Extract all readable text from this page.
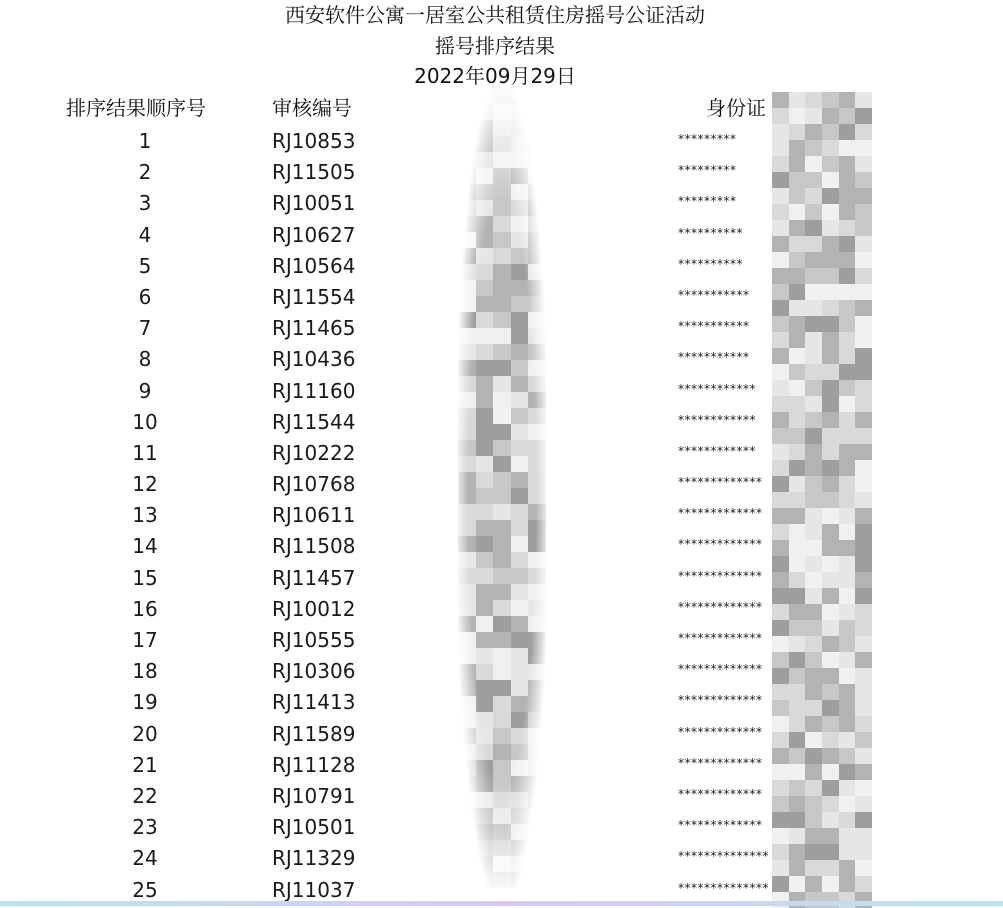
西安软件公寓一居室公共租赁住房摇号公证活动
摇号排序结果
2022年09月29日
排序结果顺序号	审核编号	身份证
1	RJ10853	*********
2	RJ11505	*********
3	RJ10051	*********
4	RJ10627	**********
5	RJ10564	**********
6	RJ11554	***********
7	RJ11465	***********
8	RJ10436	***********
9	RJ11160	************
10	RJ11544	************
11	RJ10222	************
12	RJ10768	*************
13	RJ10611	*************
14	RJ11508	*************
15	RJ11457	*************
16	RJ10012	*************
17	RJ10555	*************
18	RJ10306	*************
19	RJ11413	*************
20	RJ11589	*************
21	RJ11128	*************
22	RJ10791	*************
23	RJ10501	*************
24	RJ11329	**************
25	RJ11037	**************
